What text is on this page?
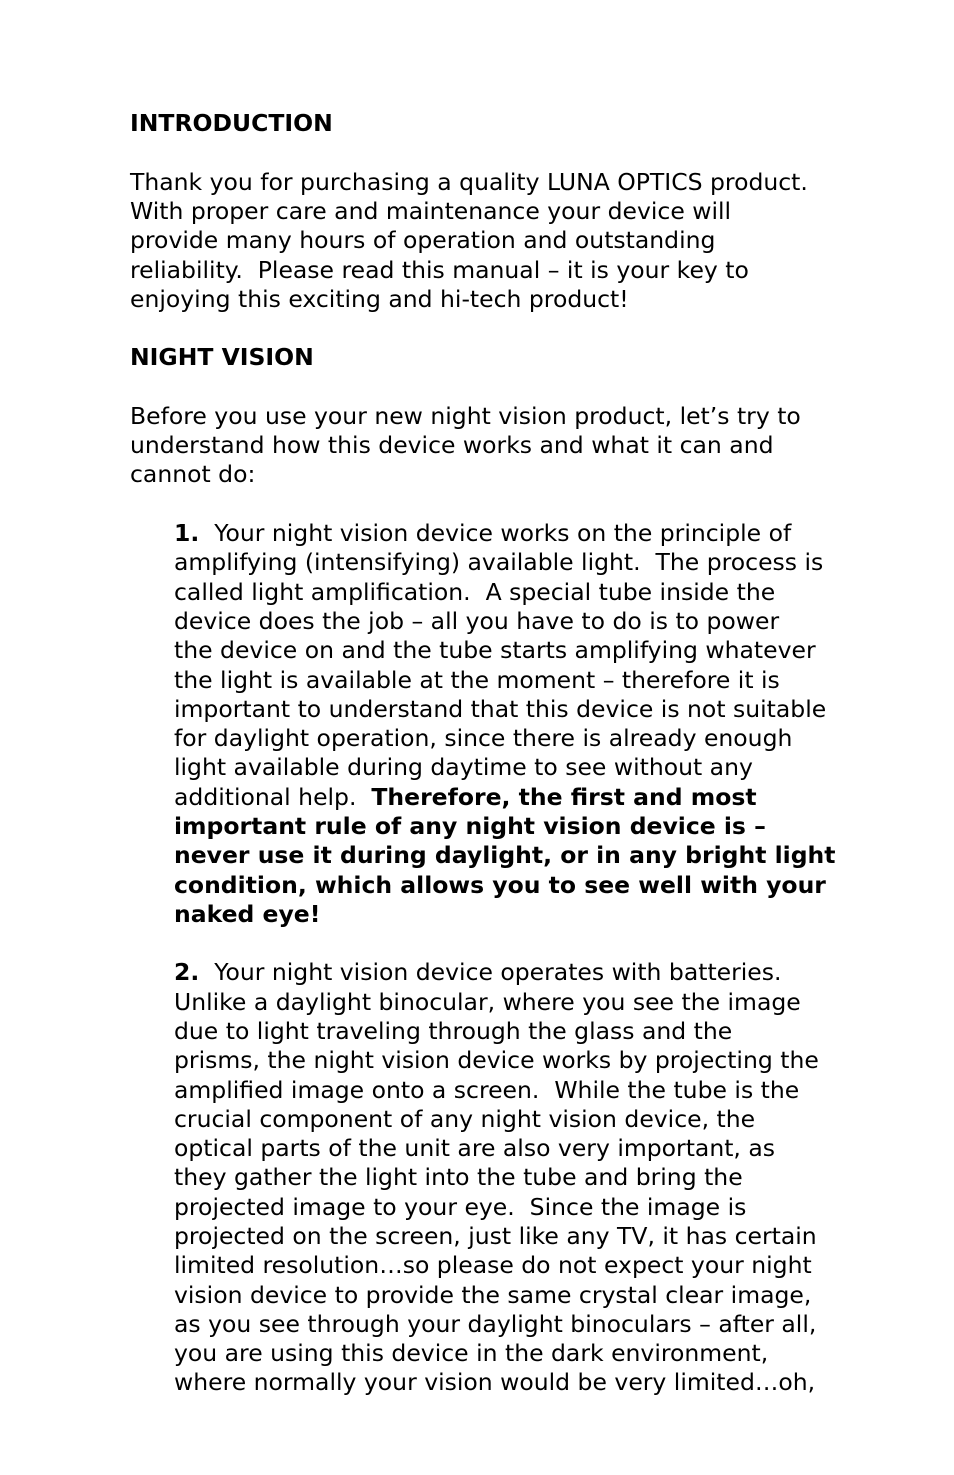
INTRODUCTION

Thank you for purchasing a quality LUNA OPTICS product.

With proper care and maintenance your device will

provide many hours of operation and outstanding

reliability.  Please read this manual – it is your key to

enjoying this exciting and hi-tech product!

NIGHT VISION

Before you use your new night vision product, let’s try to

understand how this device works and what it can and

cannot do:

1.  Your night vision device works on the principle of

amplifying (intensifying) available light.  The process is

called light amplification.  A special tube inside the

device does the job – all you have to do is to power

the device on and the tube starts amplifying whatever

the light is available at the moment – therefore it is

important to understand that this device is not suitable

for daylight operation, since there is already enough

light available during daytime to see without any

additional help.  Therefore, the first and most

important rule of any night vision device is –

never use it during daylight, or in any bright light

condition, which allows you to see well with your

naked eye!

2.  Your night vision device operates with batteries.

Unlike a daylight binocular, where you see the image

due to light traveling through the glass and the

prisms, the night vision device works by projecting the

amplified image onto a screen.  While the tube is the

crucial component of any night vision device, the

optical parts of the unit are also very important, as

they gather the light into the tube and bring the

projected image to your eye.  Since the image is

projected on the screen, just like any TV, it has certain

limited resolution…so please do not expect your night

vision device to provide the same crystal clear image,

as you see through your daylight binoculars – after all,

you are using this device in the dark environment,

where normally your vision would be very limited…oh,
